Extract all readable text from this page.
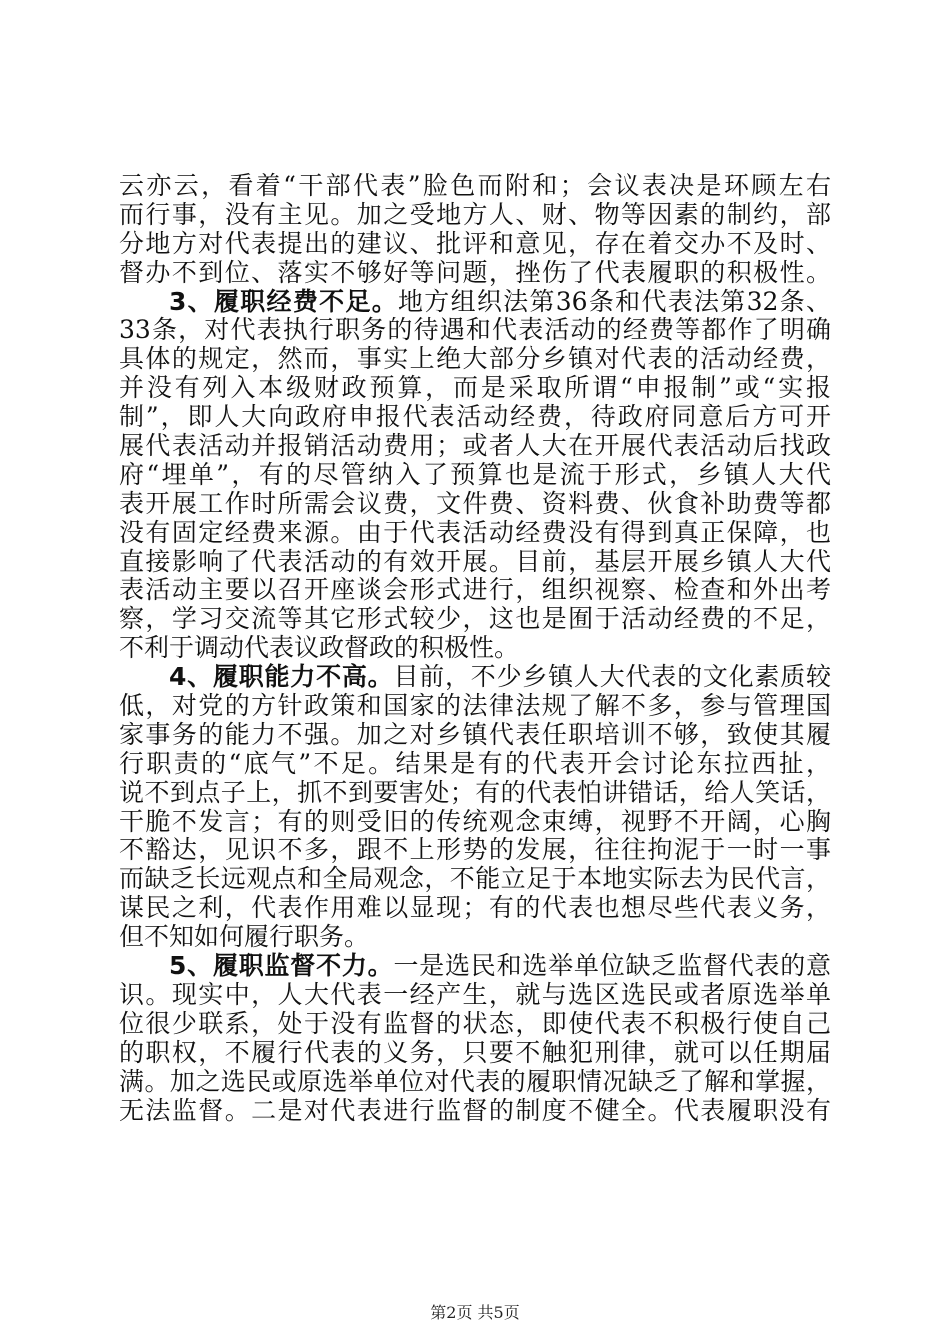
云亦云，看着“干部代表”脸色而附和；会议表决是环顾左右
而行事，没有主见。加之受地方人、财、物等因素的制约，部
分地方对代表提出的建议、批评和意见，存在着交办不及时、
督办不到位、落实不够好等问题，挫伤了代表履职的积极性。
3、履职经费不足。地方组织法第36条和代表法第32条、
33条，对代表执行职务的待遇和代表活动的经费等都作了明确
具体的规定，然而，事实上绝大部分乡镇对代表的活动经费，
并没有列入本级财政预算，而是采取所谓“申报制”或“实报
制”，即人大向政府申报代表活动经费，待政府同意后方可开
展代表活动并报销活动费用；或者人大在开展代表活动后找政
府“埋单”，有的尽管纳入了预算也是流于形式，乡镇人大代
表开展工作时所需会议费，文件费、资料费、伙食补助费等都
没有固定经费来源。由于代表活动经费没有得到真正保障，也
直接影响了代表活动的有效开展。目前，基层开展乡镇人大代
表活动主要以召开座谈会形式进行，组织视察、检查和外出考
察，学习交流等其它形式较少，这也是囿于活动经费的不足，
不利于调动代表议政督政的积极性。
4、履职能力不高。目前，不少乡镇人大代表的文化素质较
低，对党的方针政策和国家的法律法规了解不多，参与管理国
家事务的能力不强。加之对乡镇代表任职培训不够，致使其履
行职责的“底气”不足。结果是有的代表开会讨论东拉西扯，
说不到点子上，抓不到要害处；有的代表怕讲错话，给人笑话，
干脆不发言；有的则受旧的传统观念束缚，视野不开阔，心胸
不豁达，见识不多，跟不上形势的发展，往往拘泥于一时一事
而缺乏长远观点和全局观念，不能立足于本地实际去为民代言，
谋民之利，代表作用难以显现；有的代表也想尽些代表义务，
但不知如何履行职务。
5、履职监督不力。一是选民和选举单位缺乏监督代表的意
识。现实中，人大代表一经产生，就与选区选民或者原选举单
位很少联系，处于没有监督的状态，即使代表不积极行使自己
的职权，不履行代表的义务，只要不触犯刑律，就可以任期届
满。加之选民或原选举单位对代表的履职情况缺乏了解和掌握，
无法监督。二是对代表进行监督的制度不健全。代表履职没有
第2页 共5页
